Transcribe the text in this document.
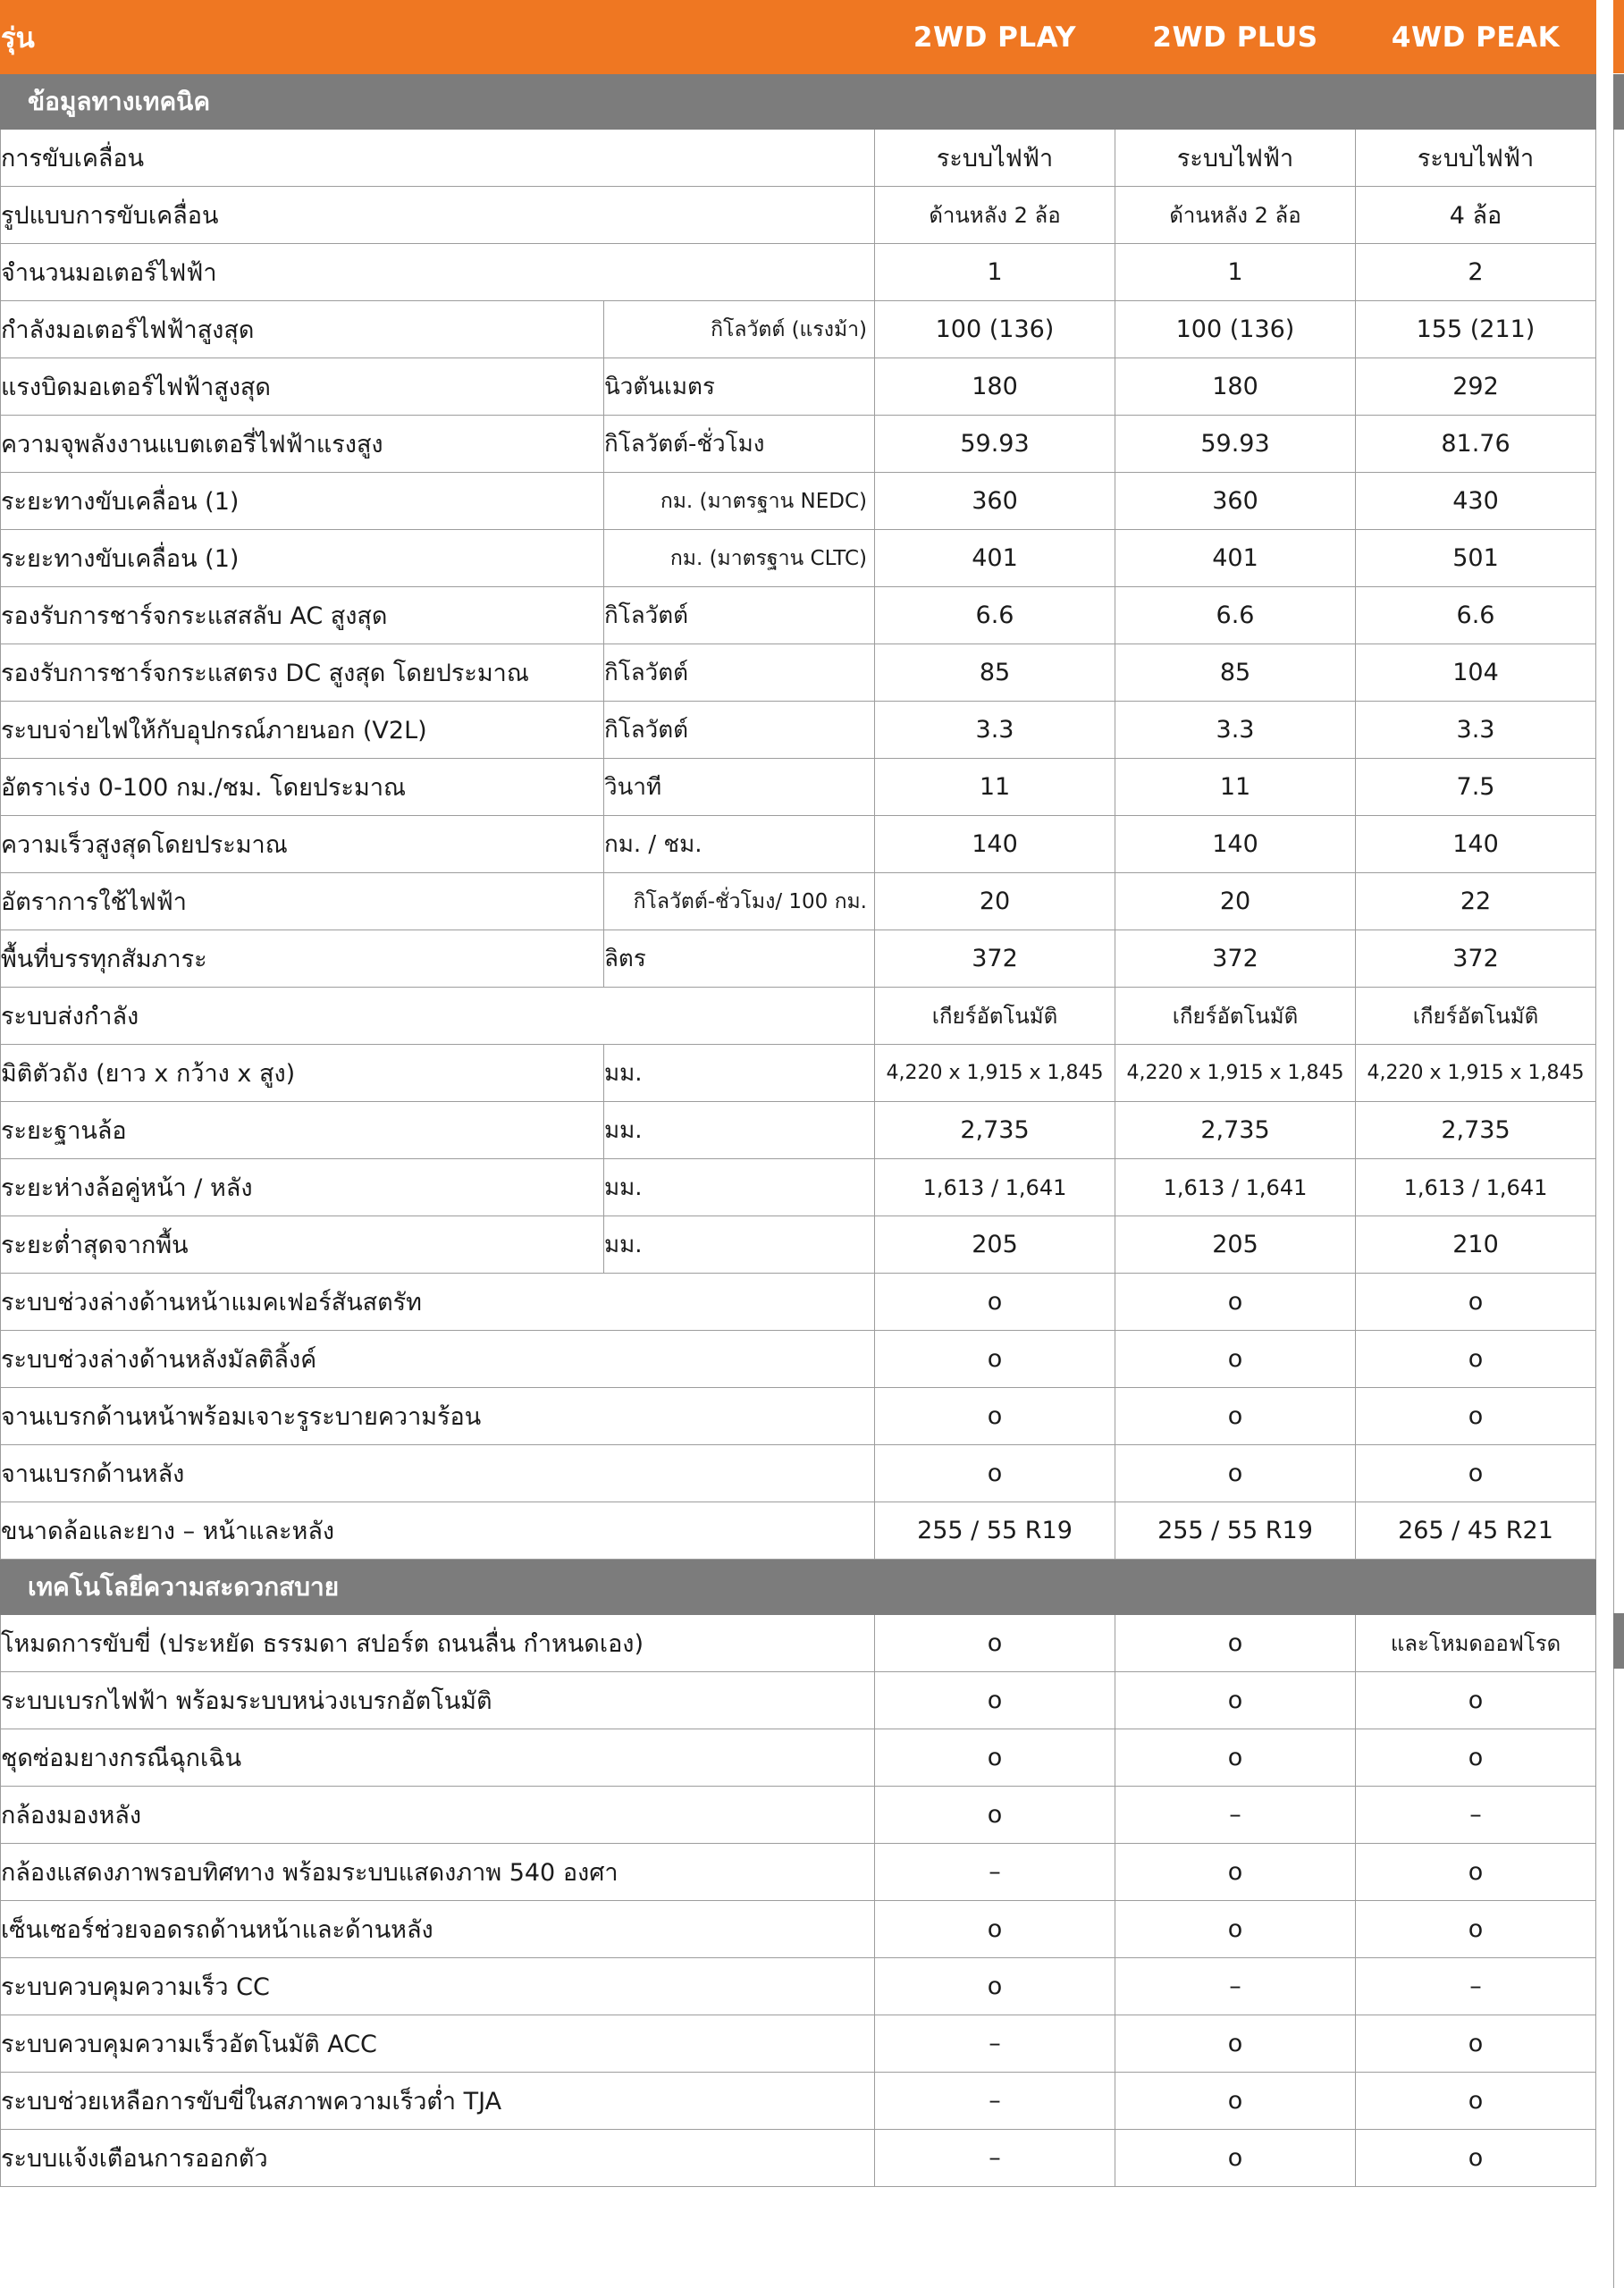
รุ่น		2WD PLAY	2WD PLUS	4WD PEAK
ข้อมูลทางเทคนิค				
การขับเคลื่อน		ระบบไฟฟ้า	ระบบไฟฟ้า	ระบบไฟฟ้า
รูปแบบการขับเคลื่อน		ด้านหลัง 2 ล้อ	ด้านหลัง 2 ล้อ	4 ล้อ
จำนวนมอเตอร์ไฟฟ้า		1	1	2
กำลังมอเตอร์ไฟฟ้าสูงสุด	กิโลวัตต์ (แรงม้า)	100 (136)	100 (136)	155 (211)
แรงบิดมอเตอร์ไฟฟ้าสูงสุด	นิวตันเมตร	180	180	292
ความจุพลังงานแบตเตอรี่ไฟฟ้าแรงสูง	กิโลวัตต์-ชั่วโมง	59.93	59.93	81.76
ระยะทางขับเคลื่อน (1)	กม. (มาตรฐาน NEDC)	360	360	430
ระยะทางขับเคลื่อน (1)	กม. (มาตรฐาน CLTC)	401	401	501
รองรับการชาร์จกระแสสลับ AC สูงสุด	กิโลวัตต์	6.6	6.6	6.6
รองรับการชาร์จกระแสตรง DC สูงสุด โดยประมาณ	กิโลวัตต์	85	85	104
ระบบจ่ายไฟให้กับอุปกรณ์ภายนอก (V2L)	กิโลวัตต์	3.3	3.3	3.3
อัตราเร่ง 0-100 กม./ชม. โดยประมาณ	วินาที	11	11	7.5
ความเร็วสูงสุดโดยประมาณ	กม. / ชม.	140	140	140
อัตราการใช้ไฟฟ้า	กิโลวัตต์-ชั่วโมง/ 100 กม.	20	20	22
พื้นที่บรรทุกสัมภาระ	ลิตร	372	372	372
ระบบส่งกำลัง		เกียร์อัตโนมัติ	เกียร์อัตโนมัติ	เกียร์อัตโนมัติ
มิติตัวถัง (ยาว x กว้าง x สูง)	มม.	4,220 x 1,915 x 1,845	4,220 x 1,915 x 1,845	4,220 x 1,915 x 1,845
ระยะฐานล้อ	มม.	2,735	2,735	2,735
ระยะห่างล้อคู่หน้า / หลัง	มม.	1,613 / 1,641	1,613 / 1,641	1,613 / 1,641
ระยะต่ำสุดจากพื้น	มม.	205	205	210
ระบบช่วงล่างด้านหน้าแมคเฟอร์สันสตรัท		o	o	o
ระบบช่วงล่างด้านหลังมัลติลิ้งค์		o	o	o
จานเบรกด้านหน้าพร้อมเจาะรูระบายความร้อน		o	o	o
จานเบรกด้านหลัง		o	o	o
ขนาดล้อและยาง – หน้าและหลัง		255 / 55 R19	255 / 55 R19	265 / 45 R21
เทคโนโลยีความสะดวกสบาย				
โหมดการขับขี่ (ประหยัด ธรรมดา สปอร์ต ถนนลื่น กำหนดเอง)		o	o	และโหมดออฟโรด
ระบบเบรกไฟฟ้า พร้อมระบบหน่วงเบรกอัตโนมัติ		o	o	o
ชุดซ่อมยางกรณีฉุกเฉิน		o	o	o
กล้องมองหลัง		o	–	–
กล้องแสดงภาพรอบทิศทาง พร้อมระบบแสดงภาพ 540 องศา		–	o	o
เซ็นเซอร์ช่วยจอดรถด้านหน้าและด้านหลัง		o	o	o
ระบบควบคุมความเร็ว CC		o	–	–
ระบบควบคุมความเร็วอัตโนมัติ ACC		–	o	o
ระบบช่วยเหลือการขับขี่ในสภาพความเร็วต่ำ TJA		–	o	o
ระบบแจ้งเตือนการออกตัว		–	o	o
